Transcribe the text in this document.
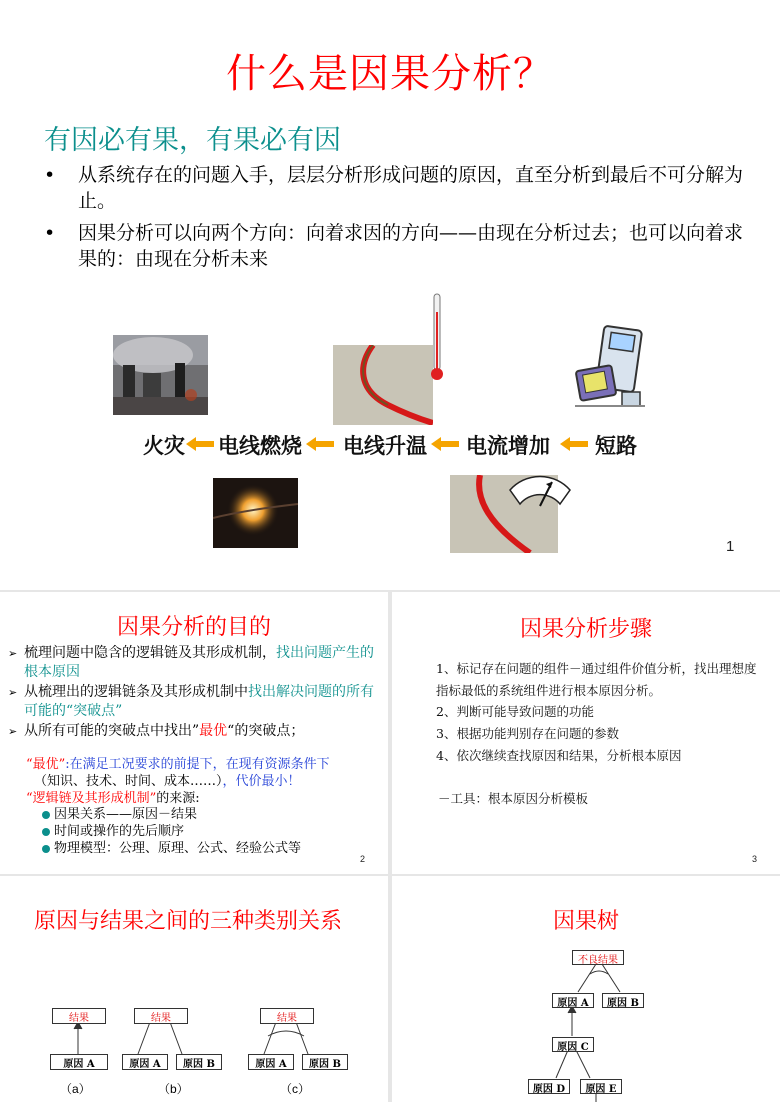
什么是因果分析？
有因必有果，有果必有因
• 从系统存在的问题入手，层层分析形成问题的原因，直至分析到最后不可分解为止。
• 因果分析可以向两个方向：向着求因的方向——由现在分析过去；也可以向着求果的：由现在分析未来
火灾 电线燃烧 电线升温 电流增加 短路
1
因果分析的目的
➢ 梳理问题中隐含的逻辑链及其形成机制，找出问题产生的根本原因
➢ 从梳理出的逻辑链条及其形成机制中找出解决问题的所有可能的“突破点”
➢ 从所有可能的突破点中找出”最优“的突破点；
“最优”:在满足工况要求的前提下，在现有资源条件下
（知识、技术、时间、成本……），代价最小！
“逻辑链及其形成机制”的来源:
因果关系——原因－结果
时间或操作的先后顺序
物理模型：公理、原理、公式、经验公式等
2
因果分析步骤
1、标记存在问题的组件－通过组件价值分析，找出理想度指标最低的系统组件进行根本原因分析。
2、判断可能导致问题的功能
3、根据功能判别存在问题的参数
4、依次继续查找原因和结果，分析根本原因
－工具：根本原因分析模板
3
原因与结果之间的三种类别关系
结果
原因 A
结果
原因 A	原因 B
结果
原因 A	原因 B
（a）	（b）	（c）
因果树
不良结果
原因 A	原因 B
原因 C
原因 D	原因 E
